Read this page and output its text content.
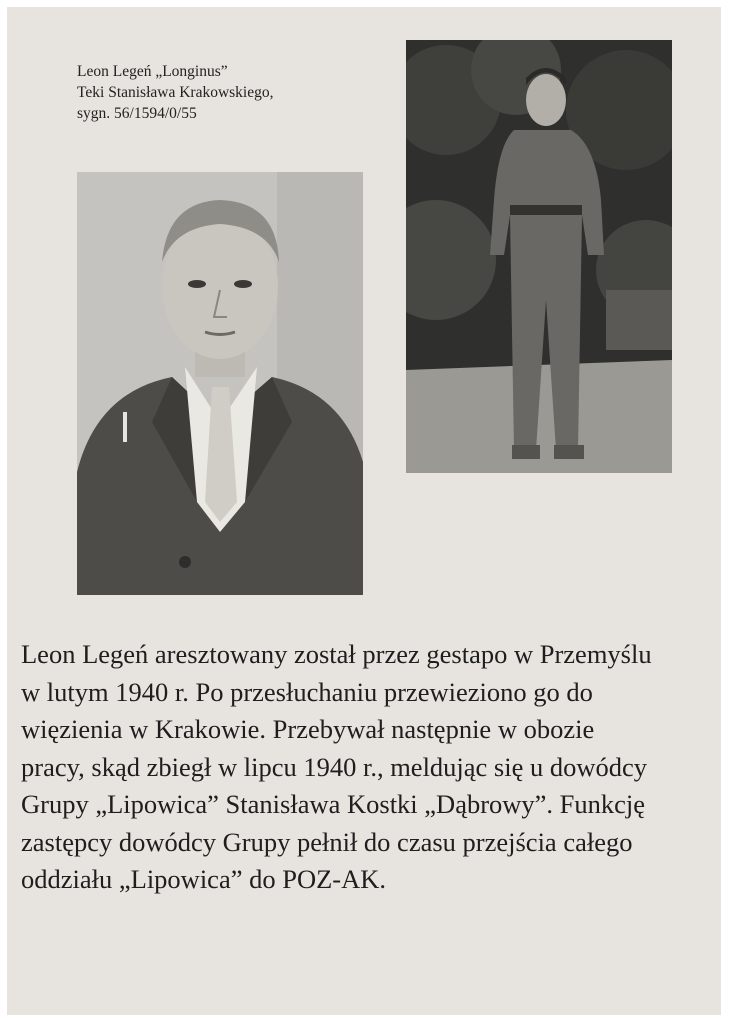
Leon Legeń „Longinus”
Teki Stanisława Krakowskiego,
sygn. 56/1594/0/55
Leon Legeń aresztowany został przez gestapo w Przemyślu
w lutym 1940 r. Po przesłuchaniu przewieziono go do
więzienia w Krakowie. Przebywał następnie w obozie
pracy, skąd zbiegł w lipcu 1940 r., meldując się u dowódcy
Grupy „Lipowica” Stanisława Kostki „Dąbrowy”. Funkcję
zastępcy dowódcy Grupy pełnił do czasu przejścia całego
oddziału „Lipowica” do POZ-AK.
